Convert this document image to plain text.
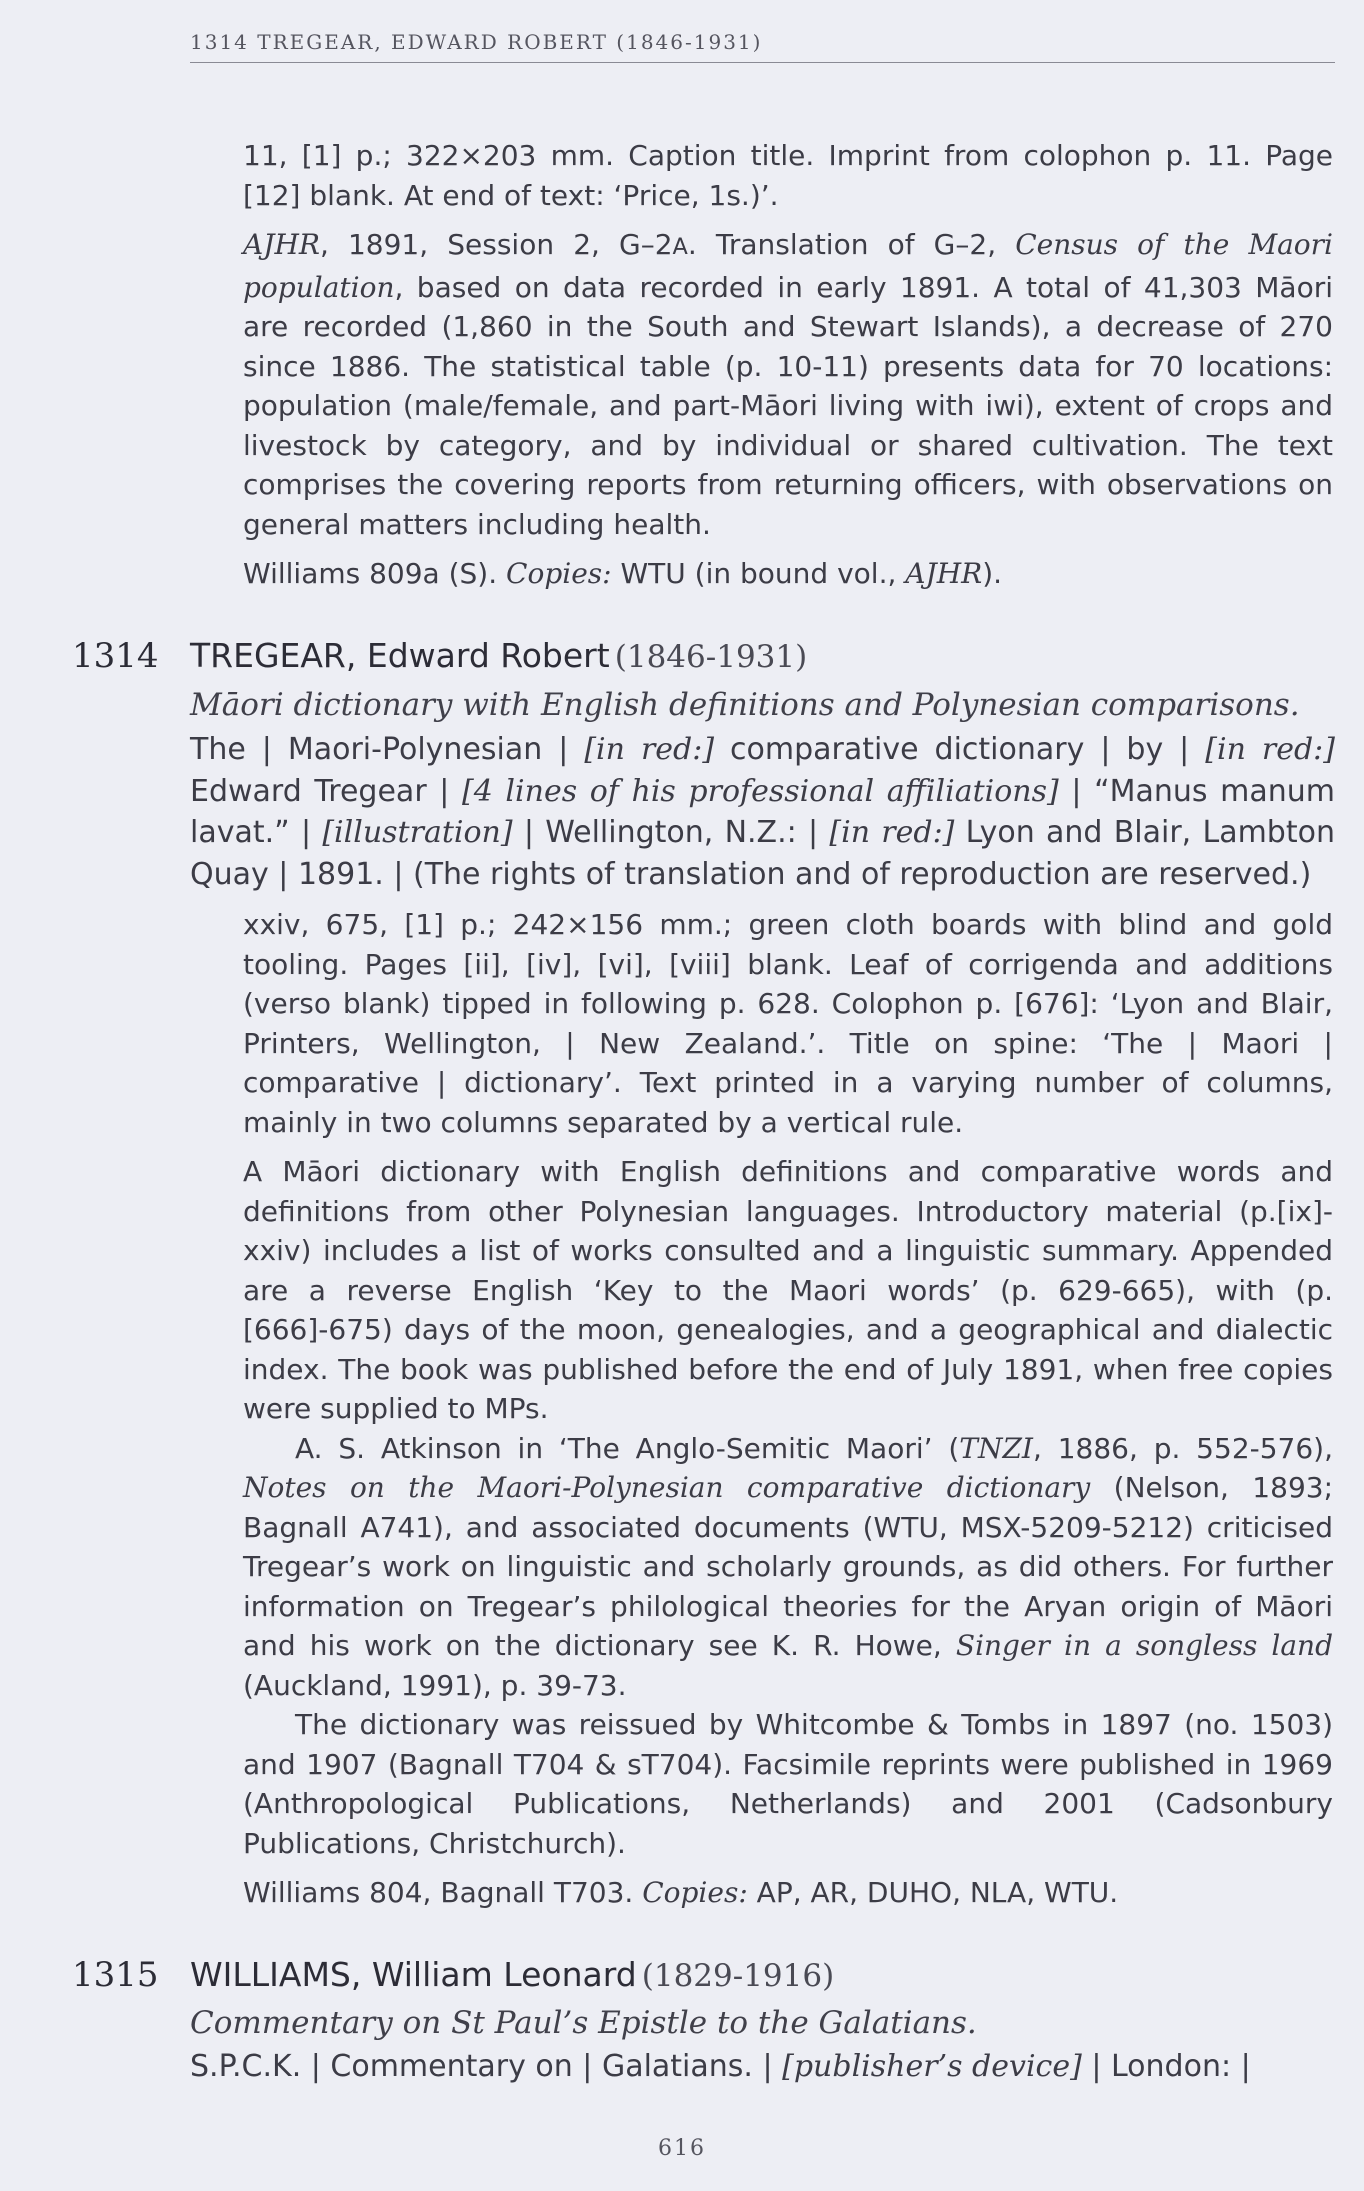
1314 TREGEAR, EDWARD ROBERT (1846-1931)

11, [1] p.; 322×203 mm. Caption title. Imprint from colophon p. 11. Page [12] blank. At end of text: ‘Price, 1s.)’.

AJHR, 1891, Session 2, G–2A. Translation of G–2, Census of the Maori population, based on data recorded in early 1891. A total of 41,303 Māori are recorded (1,860 in the South and Stewart Islands), a decrease of 270 since 1886. The statistical table (p. 10-11) presents data for 70 locations: population (male/female, and part-Māori living with iwi), extent of crops and livestock by category, and by individual or shared cultivation. The text comprises the covering reports from returning officers, with observations on general matters including health.

Williams 809a (S). Copies: WTU (in bound vol., AJHR).

1314 TREGEAR, Edward Robert (1846-1931)
Māori dictionary with English definitions and Polynesian comparisons.
The | Maori-Polynesian | [in red:] comparative dictionary | by | [in red:] Edward Tregear | [4 lines of his professional affiliations] | “Manus manum lavat.” | [illustration] | Wellington, N.Z.: | [in red:] Lyon and Blair, Lambton Quay | 1891. | (The rights of translation and of reproduction are reserved.)

xxiv, 675, [1] p.; 242×156 mm.; green cloth boards with blind and gold tooling. Pages [ii], [iv], [vi], [viii] blank. Leaf of corrigenda and additions (verso blank) tipped in following p. 628. Colophon p. [676]: ‘Lyon and Blair, Printers, Wellington, | New Zealand.’. Title on spine: ‘The | Maori | comparative | dictionary’. Text printed in a varying number of columns, mainly in two columns separated by a vertical rule.

A Māori dictionary with English definitions and comparative words and definitions from other Polynesian languages. Introductory material (p.[ix]-xxiv) includes a list of works consulted and a linguistic summary. Appended are a reverse English ‘Key to the Maori words’ (p. 629-665), with (p. [666]-675) days of the moon, genealogies, and a geographical and dialectic index. The book was published before the end of July 1891, when free copies were supplied to MPs.

A. S. Atkinson in ‘The Anglo-Semitic Maori’ (TNZI, 1886, p. 552-576), Notes on the Maori-Polynesian comparative dictionary (Nelson, 1893; Bagnall A741), and associated documents (WTU, MSX-5209-5212) criticised Tregear’s work on linguistic and scholarly grounds, as did others. For further information on Tregear’s philological theories for the Aryan origin of Māori and his work on the dictionary see K. R. Howe, Singer in a songless land (Auckland, 1991), p. 39-73.

The dictionary was reissued by Whitcombe & Tombs in 1897 (no. 1503) and 1907 (Bagnall T704 & sT704). Facsimile reprints were published in 1969 (Anthropological Publications, Netherlands) and 2001 (Cadsonbury Publications, Christchurch).

Williams 804, Bagnall T703. Copies: AP, AR, DUHO, NLA, WTU.

1315 WILLIAMS, William Leonard (1829-1916)
Commentary on St Paul’s Epistle to the Galatians.
S.P.C.K. | Commentary on | Galatians. | [publisher’s device] | London: |
616
